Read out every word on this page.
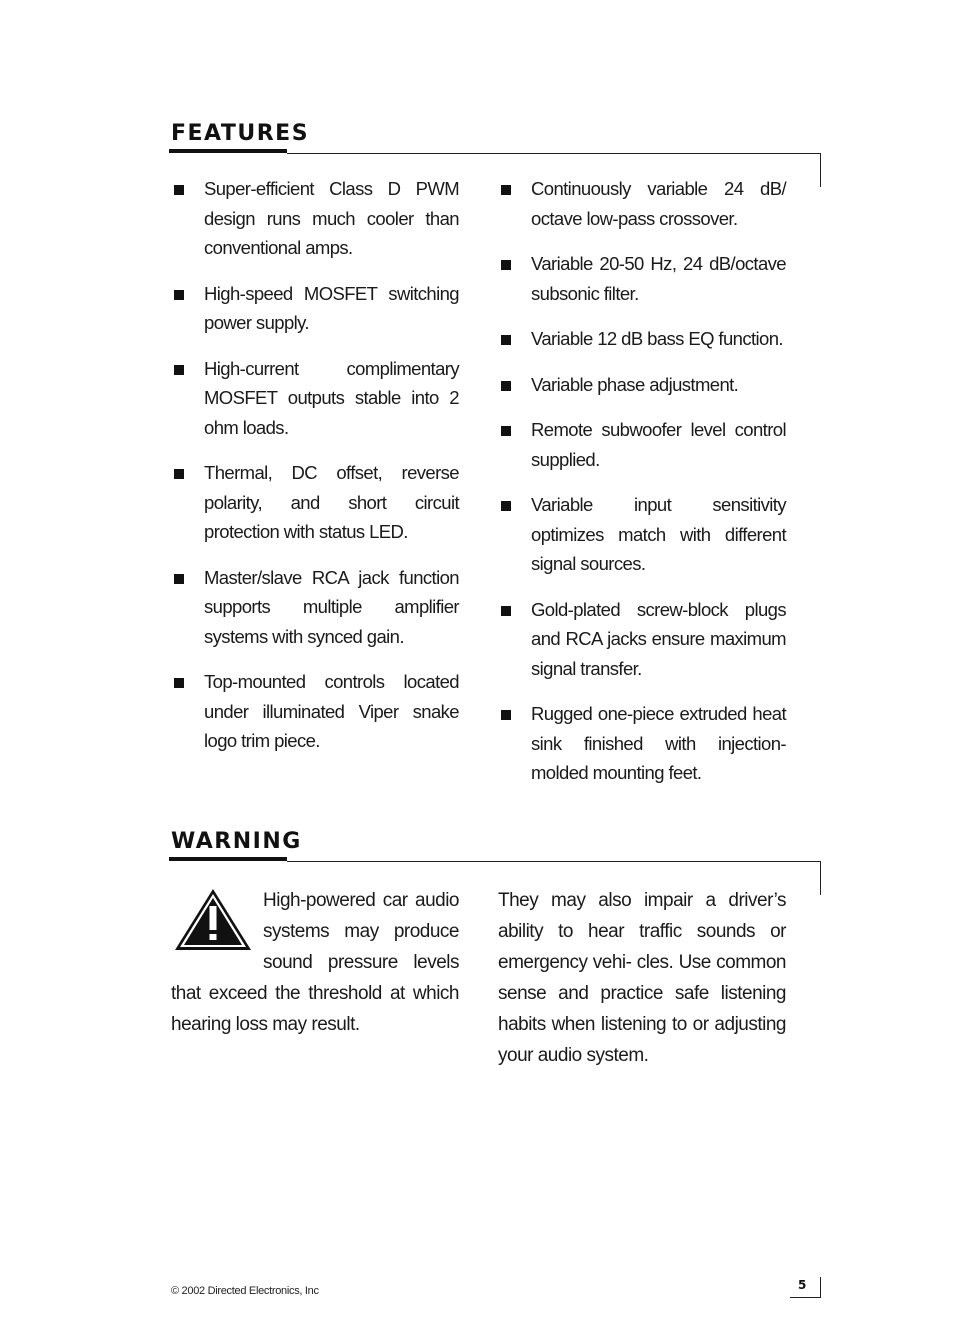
FEATURES
Super-efficient Class D PWM design runs much cooler than conventional amps.
High-speed MOSFET switching power supply.
High-current complimentary MOSFET outputs stable into 2 ohm loads.
Thermal, DC offset, reverse polarity, and short circuit protection with status LED.
Master/slave RCA jack function supports multiple amplifier systems with synced gain.
Top-mounted controls located under illuminated Viper snake logo trim piece.
Continuously variable 24 dB/ octave low-pass crossover.
Variable 20-50 Hz, 24 dB/octave subsonic filter.
Variable 12 dB bass EQ function.
Variable phase adjustment.
Remote subwoofer level control supplied.
Variable input sensitivity optimizes match with different signal sources.
Gold-plated screw-block plugs and RCA jacks ensure maximum signal transfer.
Rugged one-piece extruded heat sink finished with injection-molded mounting feet.
WARNING

High-powered car audio systems may produce sound pressure levels that exceed the threshold at which hearing loss may result.

They may also impair a driver’s ability to hear traffic sounds or emergency vehi- cles. Use common sense and practice safe listening habits when listening to or adjusting your audio system.

© 2002 Directed Electronics, Inc	5
